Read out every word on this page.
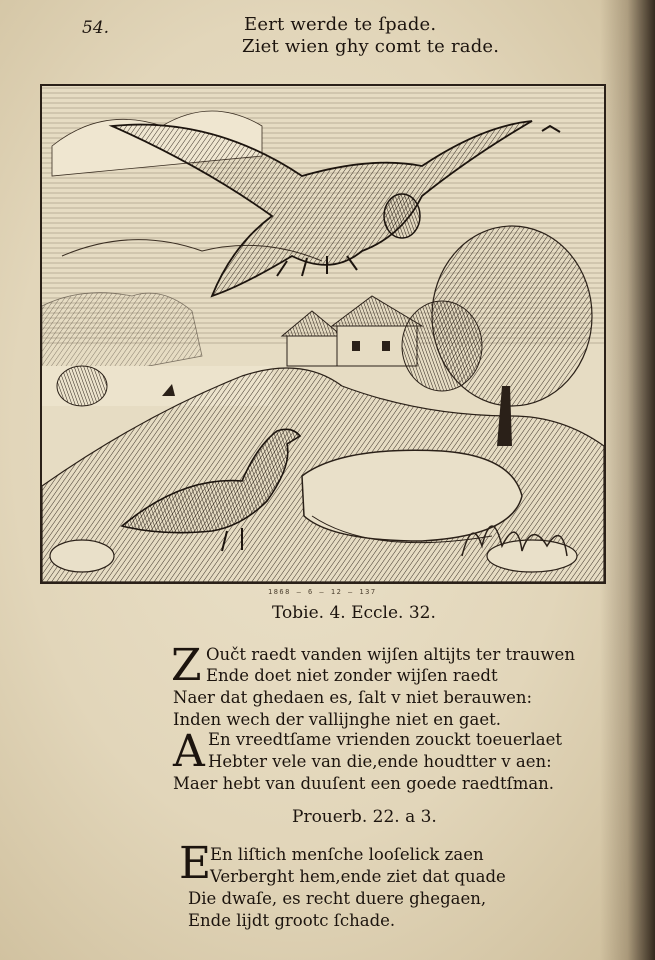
54.	Eert werde te ſpade.
Ziet wien ghy comt te rade.
1868 — 6 — 12 — 137
Tobie. 4. Eccle. 32.
Z Oučt raedt vanden wijſen altijts ter trauwen
Ende doet niet zonder wijſen raedt
Naer dat ghedaen es, ſalt v niet berauwen:
Inden wech der vallijnghe niet en gaet.
A En vreedtſame vrienden zouckt toeuerlaet
Hebter vele van die,ende houdtter v aen:
Maer hebt van duuſent een goede raedtſman.
Prouerb. 22. a 3.
E
En liſtich menſche looſelick zaen
Verberght hem,ende ziet dat quade
Die dwaſe, es recht duere ghegaen,
Ende lijdt grootc ſchade.
